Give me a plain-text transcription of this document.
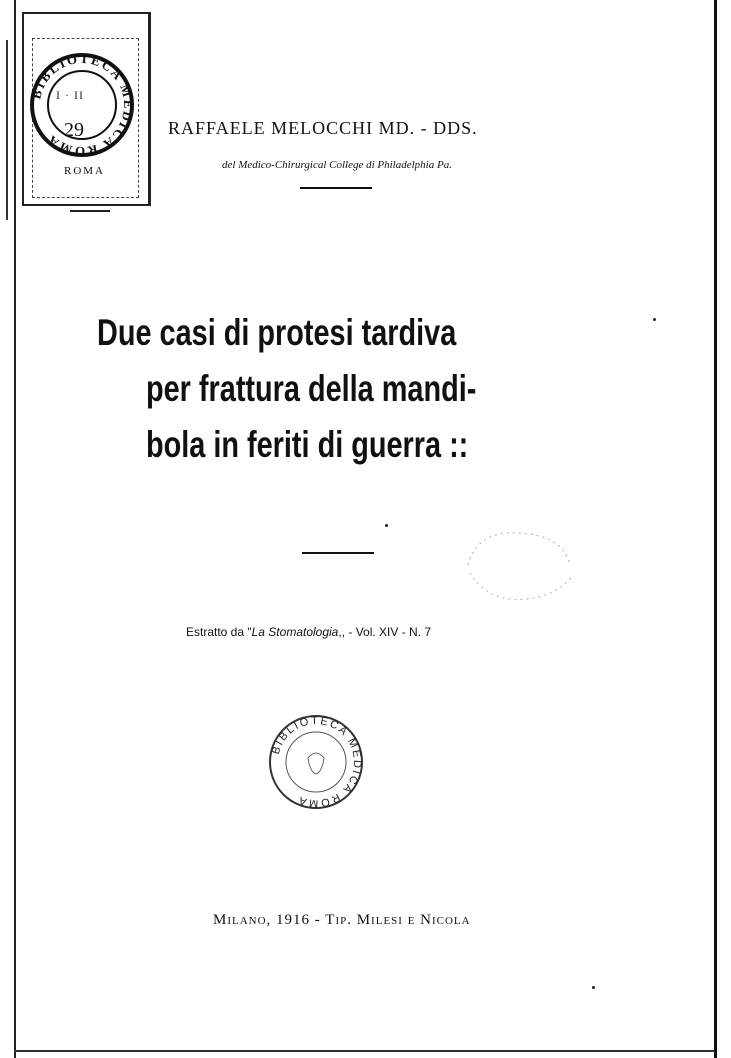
BIBLIOTECA MEDICA ROMA
I · II
29
ROMA
RAFFAELE MELOCCHI MD. - DDS.
del Medico-Chirurgical College di Philadelphia Pa.
Due casi di protesi tardiva
per frattura della mandi-
bola in feriti di guerra ::
Estratto da "La Stomatologia,, - Vol. XIV - N. 7
BIBLIOTECA MEDICA ROMA
Milano, 1916 - Tip. Milesi e Nicola
